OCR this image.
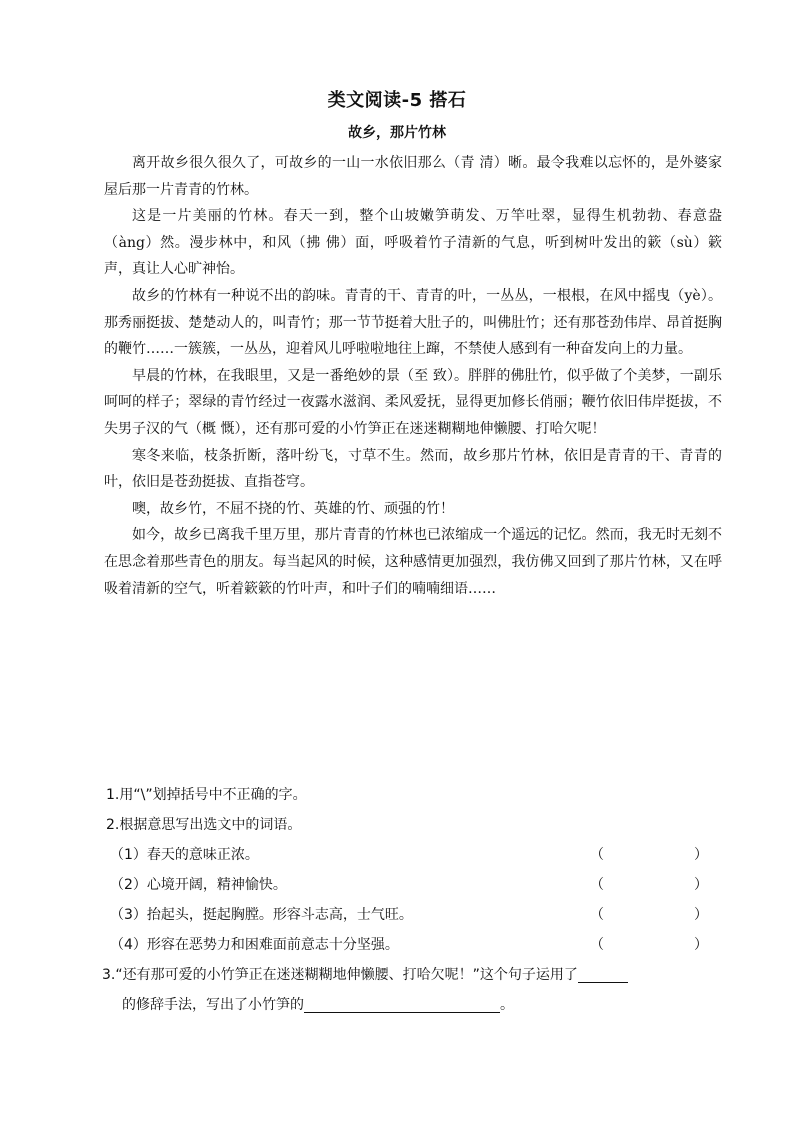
类文阅读-5 搭石
故乡，那片竹林

离开故乡很久很久了，可故乡的一山一水依旧那么（青 清）晰。最令我难以忘怀的，是外婆家屋后那一片青青的竹林。

这是一片美丽的竹林。春天一到，整个山坡嫩笋萌发、万竿吐翠，显得生机勃勃、春意盎（àng）然。漫步林中，和风（拂 佛）面，呼吸着竹子清新的气息，听到树叶发出的簌（sù）簌声，真让人心旷神怡。

故乡的竹林有一种说不出的韵味。青青的干、青青的叶，一丛丛，一根根，在风中摇曳（yè）。那秀丽挺拔、楚楚动人的，叫青竹；那一节节挺着大肚子的，叫佛肚竹；还有那苍劲伟岸、昂首挺胸的鞭竹……一簇簇，一丛丛，迎着风儿呼啦啦地往上蹿，不禁使人感到有一种奋发向上的力量。

早晨的竹林，在我眼里，又是一番绝妙的景（至 致）。胖胖的佛肚竹，似乎做了个美梦，一副乐呵呵的样子；翠绿的青竹经过一夜露水滋润、柔风爱抚，显得更加修长俏丽；鞭竹依旧伟岸挺拔，不失男子汉的气（概 慨），还有那可爱的小竹笋正在迷迷糊糊地伸懒腰、打哈欠呢！

寒冬来临，枝条折断，落叶纷飞，寸草不生。然而，故乡那片竹林，依旧是青青的干、青青的叶，依旧是苍劲挺拔、直指苍穹。

噢，故乡竹，不屈不挠的竹、英雄的竹、顽强的竹！

如今，故乡已离我千里万里，那片青青的竹林也已浓缩成一个遥远的记忆。然而，我无时无刻不在思念着那些青色的朋友。每当起风的时候，这种感情更加强烈，我仿佛又回到了那片竹林，又在呼吸着清新的空气，听着簌簌的竹叶声，和叶子们的喃喃细语……

1.用“\”划掉括号中不正确的字。
2.根据意思写出选文中的词语。
（1）春天的意味正浓。	（	）
（2）心境开阔，精神愉快。	（	）
（3）抬起头，挺起胸膛。形容斗志高，士气旺。	（	）
（4）形容在恶势力和困难面前意志十分坚强。	（	）
3.“还有那可爱的小竹笋正在迷迷糊糊地伸懒腰、打哈欠呢！”这个句子运用了
的修辞手法，写出了小竹笋的	。
